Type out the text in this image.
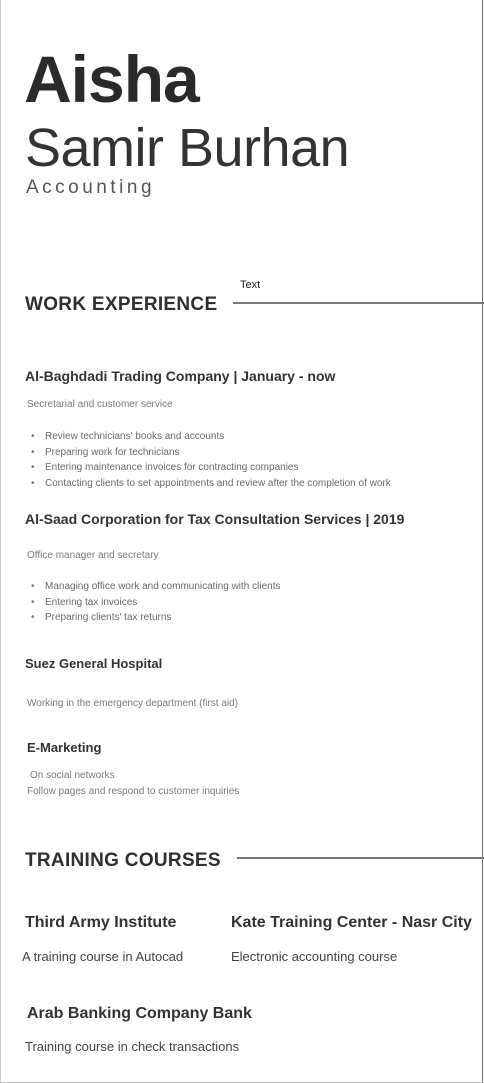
Aisha
Samir Burhan
Accounting
Text
WORK EXPERIENCE
Al-Baghdadi Trading Company | January - now
Secretarial and customer service
• Review technicians' books and accounts
• Preparing work for technicians
• Entering maintenance invoices for contracting companies
• Contacting clients to set appointments and review after the completion of work
Al-Saad Corporation for Tax Consultation Services | 2019
Office manager and secretary
• Managing office work and communicating with clients
• Entering tax invoices
• Preparing clients' tax returns
Suez General Hospital
Working in the emergency department (first aid)
E-Marketing
On social networks
Follow pages and respond to customer inquiries
TRAINING COURSES
Third Army Institute
A training course in Autocad
Kate Training Center - Nasr City
Electronic accounting course
Arab Banking Company Bank
Training course in check transactions
